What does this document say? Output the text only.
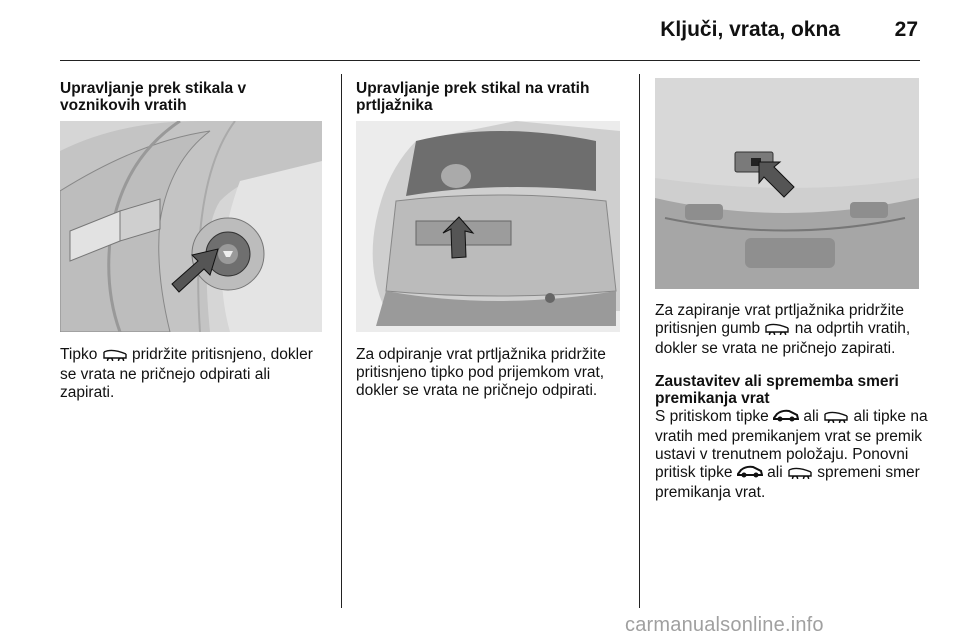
Ključi, vrata, okna	27
Upravljanje prek stikala v voznikovih vratih

Tipko pridržite pritisnjeno, dokler se vrata ne pričnejo odpirati ali zapirati.

Upravljanje prek stikal na vratih prtljažnika

Za odpiranje vrat prtljažnika pridržite pritisnjeno tipko pod prijemkom vrat, dokler se vrata ne pričnejo odpirati.

Za zapiranje vrat prtljažnika pridržite pritisnjen gumb na odprtih vratih, dokler se vrata ne pričnejo zapirati.

Zaustavitev ali sprememba smeri premikanja vrat

S pritiskom tipke ali ali tipke na vratih med premikanjem vrat se premik ustavi v trenutnem položaju. Ponovni pritisk tipke ali spremeni smer premikanja vrat.

carmanualsonline.info
